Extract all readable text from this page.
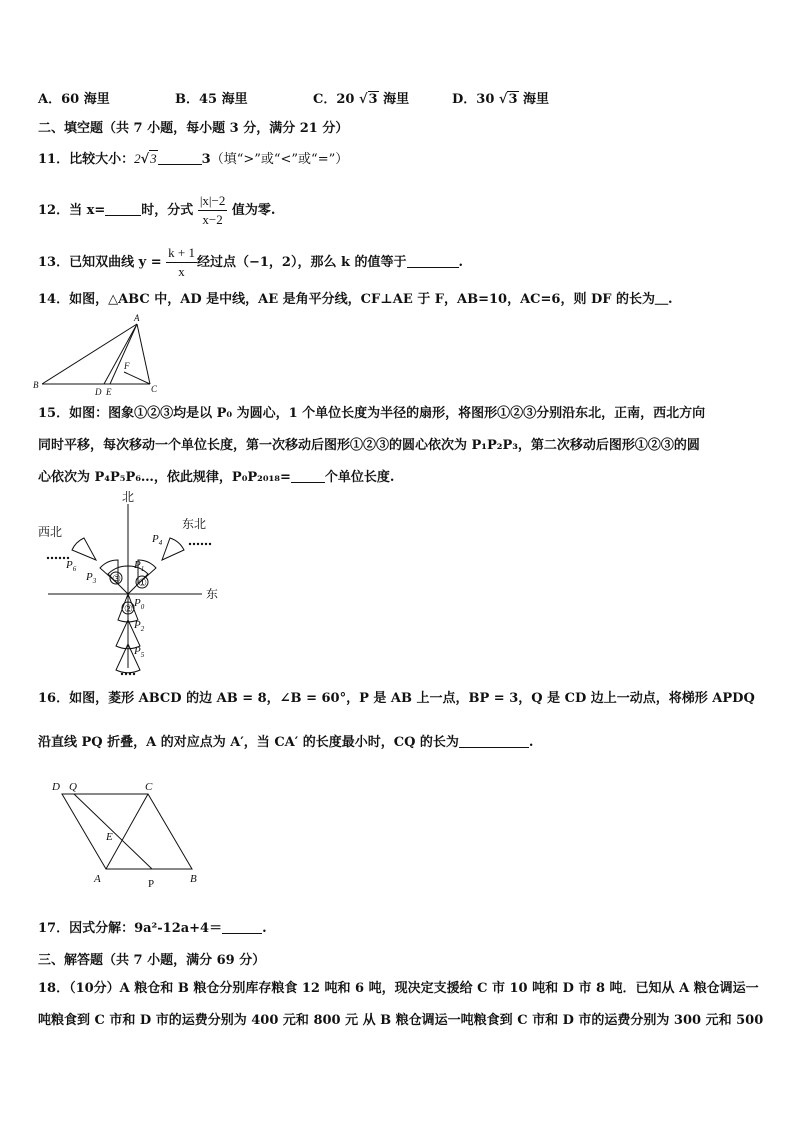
A．60 海里	B．45 海里	C．20 √3 海里	D．30 √3 海里
二、填空题（共 7 小题，每小题 3 分，满分 21 分）
11．比较大小：2√3	3（填“>”或“<”或“=”）
12．当 x=	时，分式 $\frac{|x|-2}{x-2}$ 值为零.
13．已知双曲线 $y = \frac{k + 1}{x}$ 经过点（−1，2），那么 k 的值等于	.
14．如图，△ABC 中，AD 是中线，AE 是角平分线，CF⊥AE 于 F，AB=10，AC=6，则 DF 的长为＿.
A
B	C
D E
F
15．如图：图象①②③均是以 P₀ 为圆心，1 个单位长度为半径的扇形，将图形①②③分别沿东北，正南，西北方向
同时平移，每次移动一个单位长度，第一次移动后图形①②③的圆心依次为 P₁P₂P₃，第二次移动后图形①②③的圆
心依次为 P₄P₅P₆…，依此规律，P₀P₂₀₁₈=	个单位长度.
北
东
东北
西北
①
③
②
$P_0$
$P_1$
$P_2$
$P_3$
$P_4$
$P_5$
$P_6$
16．如图，菱形 ABCD 的边 AB = 8，∠B = 60°，P 是 AB 上一点，BP = 3，Q 是 CD 边上一动点，将梯形 APDQ
沿直线 PQ 折叠，A 的对应点为 A′，当 CA′ 的长度最小时，CQ 的长为	.
D Q	C
E
A	B
P
17．因式分解：9a²-12a+4＝	.
三、解答题（共 7 小题，满分 69 分）
18．（10分）A 粮仓和 B 粮仓分别库存粮食 12 吨和 6 吨，现决定支援给 C 市 10 吨和 D 市 8 吨．已知从 A 粮仓调运一
吨粮食到 C 市和 D 市的运费分别为 400 元和 800 元 从 B 粮仓调运一吨粮食到 C 市和 D 市的运费分别为 300 元和 500
